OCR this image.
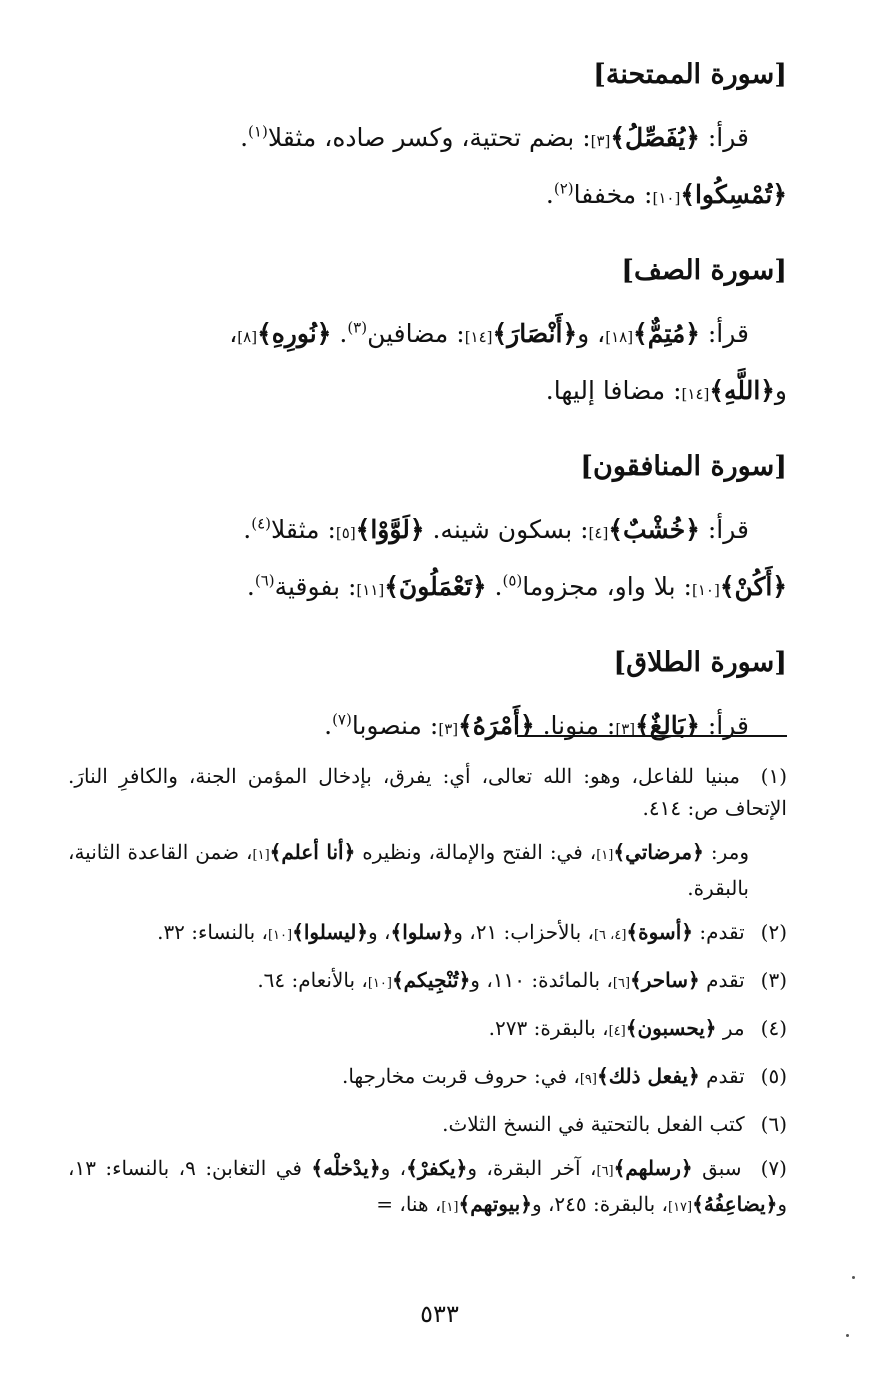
[سورة الممتحنة]

قرأ: ﴿يُفَصِّلُ﴾[٣]: بضم تحتية، وكسر صاده، مثقلا$^{(١)}$.

﴿تُمْسِكُوا﴾[١٠]: مخففا$^{(٢)}$.

[سورة الصف]

قرأ: ﴿مُتِمٌّ﴾[١٨]، و﴿أَنْصَارَ﴾[١٤]: مضافين$^{(٣)}$. ﴿نُورِهِ﴾[٨]،

و﴿اللَّهِ﴾[١٤]: مضافا إليها.

[سورة المنافقون]

قرأ: ﴿خُشْبٌ﴾[٤]: بسكون شينه. ﴿لَوَّوْا﴾[٥]: مثقلا$^{(٤)}$.

﴿أَكُنْ﴾[١٠]: بلا واو، مجزوما$^{(٥)}$. ﴿تَعْمَلُونَ﴾[١١]: بفوقية$^{(٦)}$.

[سورة الطلاق]

قرأ: ﴿بَالِغٌ﴾[٣]: منونا. ﴿أَمْرَهُ﴾[٣]: منصوبا$^{(٧)}$.

(١) مبنيا للفاعل، وهو: الله تعالى، أي: يفرق، بإدخال المؤمن الجنة، والكافرِ النارَ. الإتحاف ص: ٤١٤.

ومر: ﴿مرضاتي﴾[١]، في: الفتح والإمالة، ونظيره ﴿أنا أعلم﴾[١]، ضمن القاعدة الثانية، بالبقرة.

(٢) تقدم: ﴿أسوة﴾[٤، ٦]، بالأحزاب: ٢١، و﴿سلوا﴾، و﴿ليسلوا﴾[١٠]، بالنساء: ٣٢.

(٣) تقدم ﴿ساحر﴾[٦]، بالمائدة: ١١٠، و﴿تُنْجِيكم﴾[١٠]، بالأنعام: ٦٤.

(٤) مر ﴿يحسبون﴾[٤]، بالبقرة: ٢٧٣.

(٥) تقدم ﴿يفعل ذلك﴾[٩]، في: حروف قربت مخارجها.

(٦) كتب الفعل بالتحتية في النسخ الثلاث.

(٧) سبق ﴿رسلهم﴾[٦]، آخر البقرة، و﴿يكفرْ﴾، و﴿يدْخلْه﴾ في التغابن: ٩، بالنساء: ١٣، و﴿يضاعِفُهُ﴾[١٧]، بالبقرة: ٢٤٥، و﴿بيوتهم﴾[١]، هنا، =

٥٣٣
